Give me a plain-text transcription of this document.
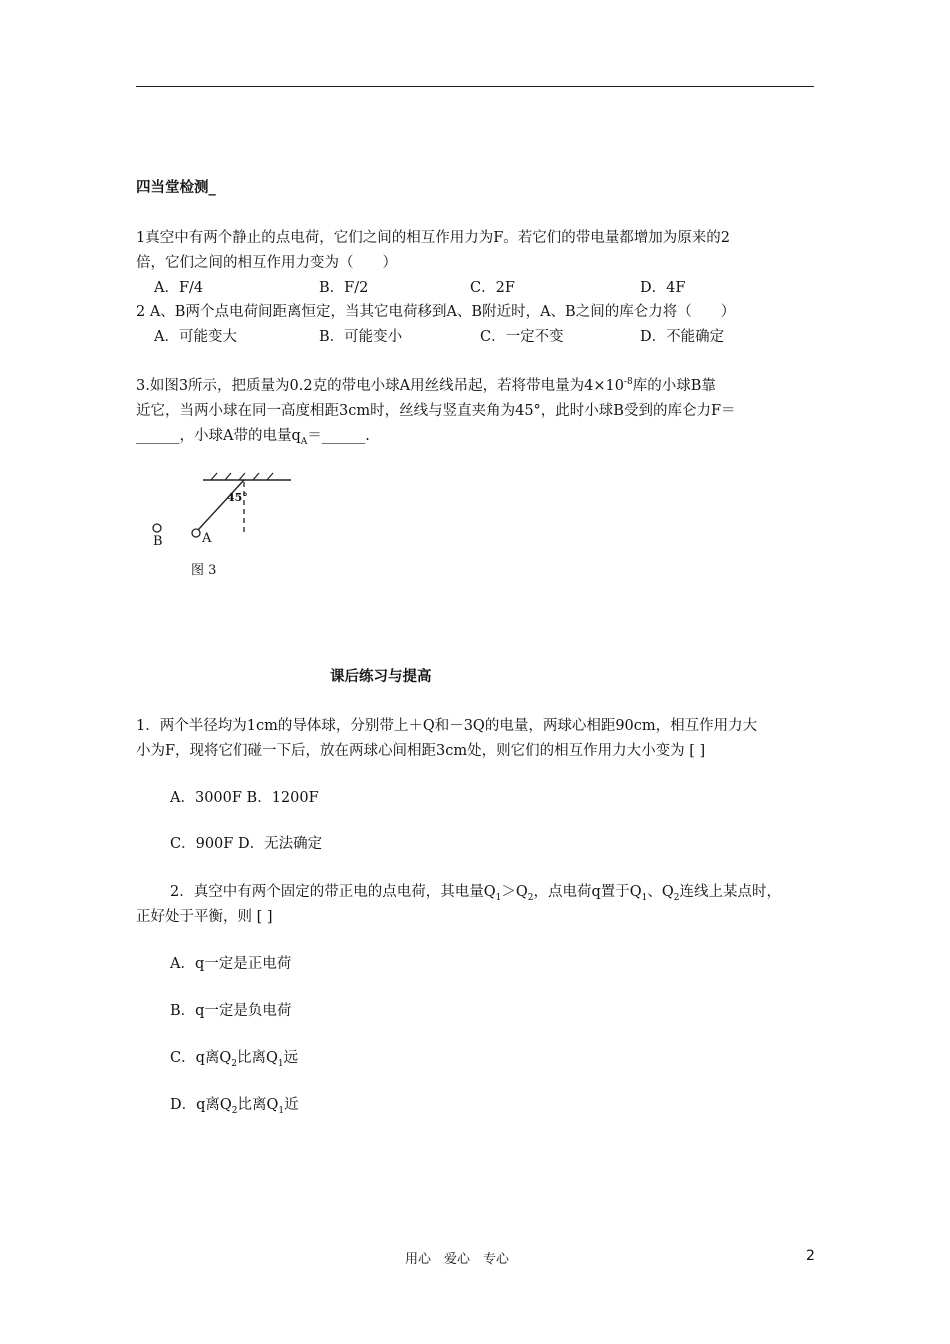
四当堂检测_
1真空中有两个静止的点电荷，它们之间的相互作用力为F。若它们的带电量都增加为原来的2
倍，它们之间的相互作用力变为（　　）
A．F/4	B．F/2	C．2F	D．4F
2 A、B两个点电荷间距离恒定，当其它电荷移到A、B附近时，A、B之间的库仑力将（　　）
A．可能变大	B．可能变小	C．一定不变	D．不能确定
3.如图3所示，把质量为0.2克的带电小球A用丝线吊起，若将带电量为$4\times 10^{-8}$库的小球B靠
近它，当两小球在同一高度相距3cm时，丝线与竖直夹角为45°，此时小球B受到的库仑力F＝
______，小球A带的电量$q_A=\_\_\_\_\_\_$.
45°
A
B
图 3
课后练习与提高
1．两个半径均为1cm的导体球，分别带上＋Q和－3Q的电量，两球心相距90cm，相互作用力大
小为F，现将它们碰一下后，放在两球心间相距3cm处，则它们的相互作用力大小变为 [ ]
A．3000F B．1200F
C．900F D．无法确定
2．真空中有两个固定的带正电的点电荷，其电量$Q_1>Q_2$，点电荷q置于$Q_1$、$Q_2$连线上某点时，
正好处于平衡，则 [ ]
A．q一定是正电荷
B．q一定是负电荷
C．q离$Q_2$比离$Q_1$远
D．q离$Q_2$比离$Q_1$近
用心　爱心　专心	2
